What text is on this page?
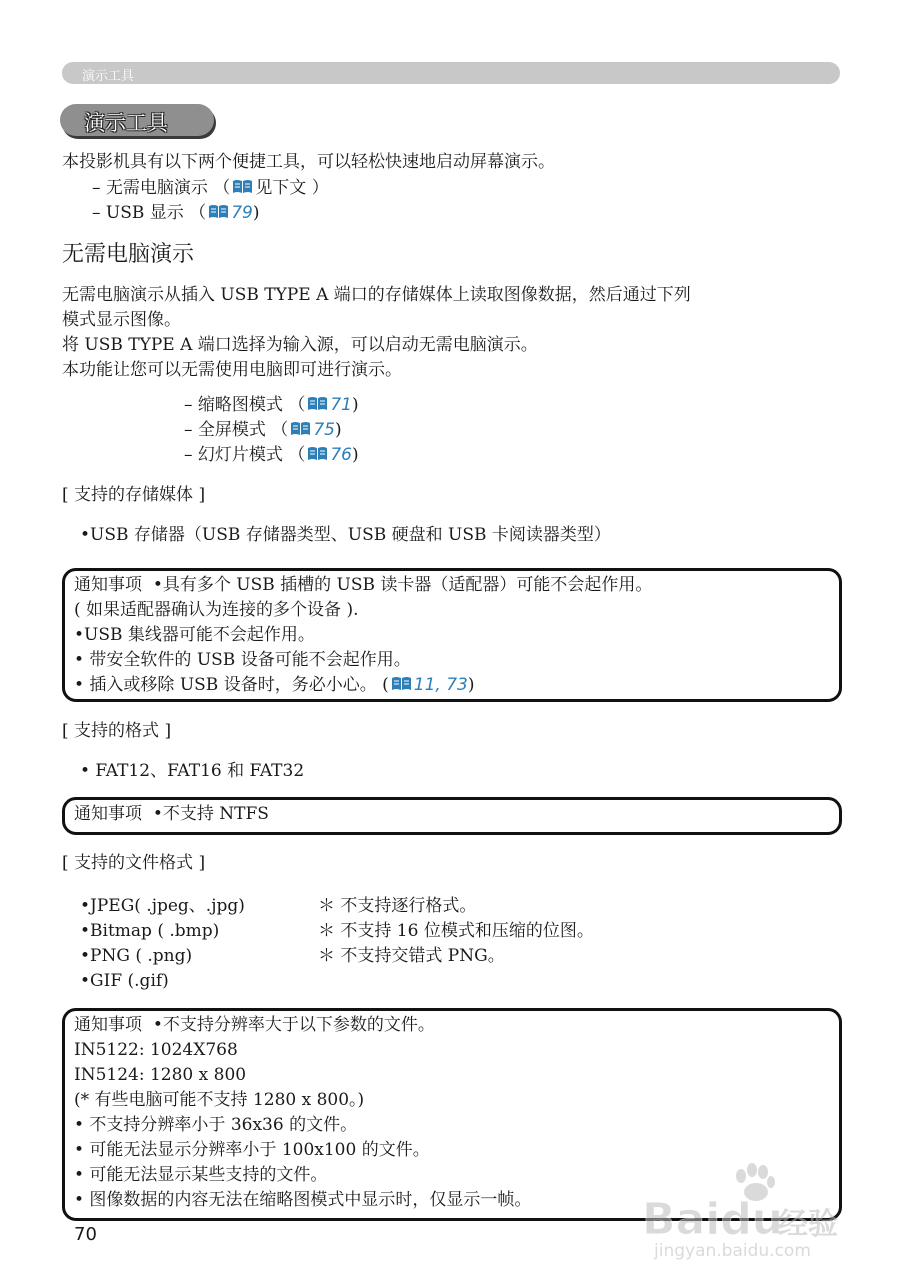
演示工具
演示工具
本投影机具有以下两个便捷工具，可以轻松快速地启动屏幕演示。
– 无需电脑演示 （ 见下文 ）
– USB 显示 （ 79)
无需电脑演示
无需电脑演示从插入 USB TYPE A 端口的存储媒体上读取图像数据，然后通过下列
模式显示图像。
将 USB TYPE A 端口选择为输入源，可以启动无需电脑演示。
本功能让您可以无需使用电脑即可进行演示。
– 缩略图模式 （ 71)
– 全屏模式 （ 75)
– 幻灯片模式 （ 76)
[ 支持的存储媒体 ]
•USB 存储器（USB 存储器类型、USB 硬盘和 USB 卡阅读器类型）
通知事项 •具有多个 USB 插槽的 USB 读卡器（适配器）可能不会起作用。
( 如果适配器确认为连接的多个设备 ).
•USB 集线器可能不会起作用。
• 带安全软件的 USB 设备可能不会起作用。
• 插入或移除 USB 设备时，务必小心。 ( 11, 73)
[ 支持的格式 ]
• FAT12、FAT16 和 FAT32
通知事项 •不支持 NTFS
[ 支持的文件格式 ]
•JPEG( .jpeg、.jpg)	＊ 不支持逐行格式。
•Bitmap ( .bmp)	＊ 不支持 16 位模式和压缩的位图。
•PNG ( .png)	＊ 不支持交错式 PNG。
•GIF (.gif)
通知事项 •不支持分辨率大于以下参数的文件。
IN5122: 1024X768
IN5124: 1280 x 800
(* 有些电脑可能不支持 1280 x 800。)
• 不支持分辨率小于 36x36 的文件。
• 可能无法显示分辨率小于 100x100 的文件。
• 可能无法显示某些支持的文件。
• 图像数据的内容无法在缩略图模式中显示时，仅显示一帧。
70	Baidu
经验
jingyan.baidu.com
